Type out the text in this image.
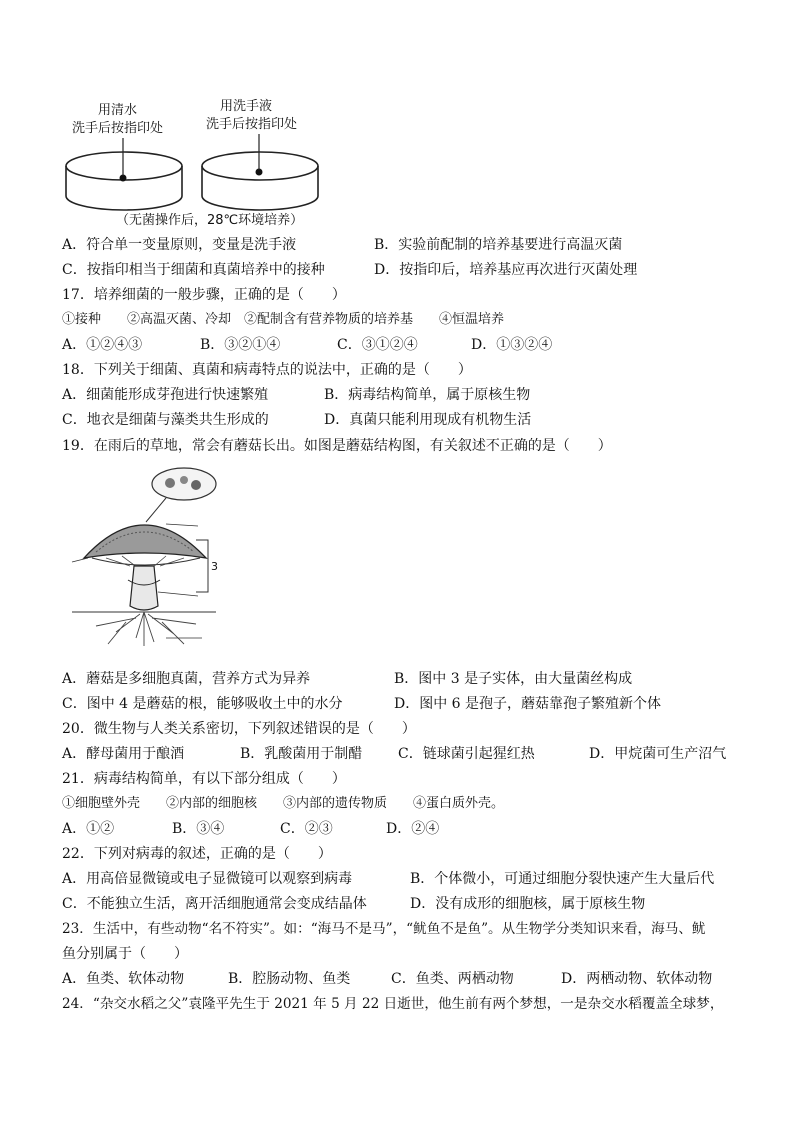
用清水
洗手后按指印处
用洗手液
洗手后按指印处
（无菌操作后，28℃环境培养）
A．符合单一变量原则，变量是洗手液	B．实验前配制的培养基要进行高温灭菌
C．按指印相当于细菌和真菌培养中的接种	D．按指印后，培养基应再次进行灭菌处理
17．培养细菌的一般步骤，正确的是（　　）
①接种　　②高温灭菌、冷却　②配制含有营养物质的培养基　　④恒温培养
A．①②④③	B．③②①④	C．③①②④	D．①③②④
18．下列关于细菌、真菌和病毒特点的说法中，正确的是（　　）
A．细菌能形成芽孢进行快速繁殖	B．病毒结构简单，属于原核生物
C．地衣是细菌与藻类共生形成的	D．真菌只能利用现成有机物生活
19．在雨后的草地，常会有蘑菇长出。如图是蘑菇结构图，有关叙述不正确的是（　　）
3
A．蘑菇是多细胞真菌，营养方式为异养	B．图中 3 是子实体，由大量菌丝构成
C．图中 4 是蘑菇的根，能够吸收土中的水分	D．图中 6 是孢子，蘑菇靠孢子繁殖新个体
20．微生物与人类关系密切，下列叙述错误的是（　　）
A．酵母菌用于酿酒	B．乳酸菌用于制醋	C．链球菌引起猩红热	D．甲烷菌可生产沼气
21．病毒结构简单，有以下部分组成（　　）
①细胞壁外壳　　②内部的细胞核　　③内部的遗传物质　　④蛋白质外壳。
A．①②	B．③④	C．②③	D．②④
22．下列对病毒的叙述，正确的是（　　）
A．用高倍显微镜或电子显微镜可以观察到病毒	B．个体微小，可通过细胞分裂快速产生大量后代
C．不能独立生活，离开活细胞通常会变成结晶体	D．没有成形的细胞核，属于原核生物
23．生活中，有些动物“名不符实”。如：“海马不是马”，“鱿鱼不是鱼”。从生物学分类知识来看，海马、鱿
鱼分别属于（　　）
A．鱼类、软体动物	B．腔肠动物、鱼类	C．鱼类、两栖动物	D．两栖动物、软体动物
24．“杂交水稻之父”袁隆平先生于 2021 年 5 月 22 日逝世，他生前有两个梦想，一是杂交水稻覆盖全球梦，
